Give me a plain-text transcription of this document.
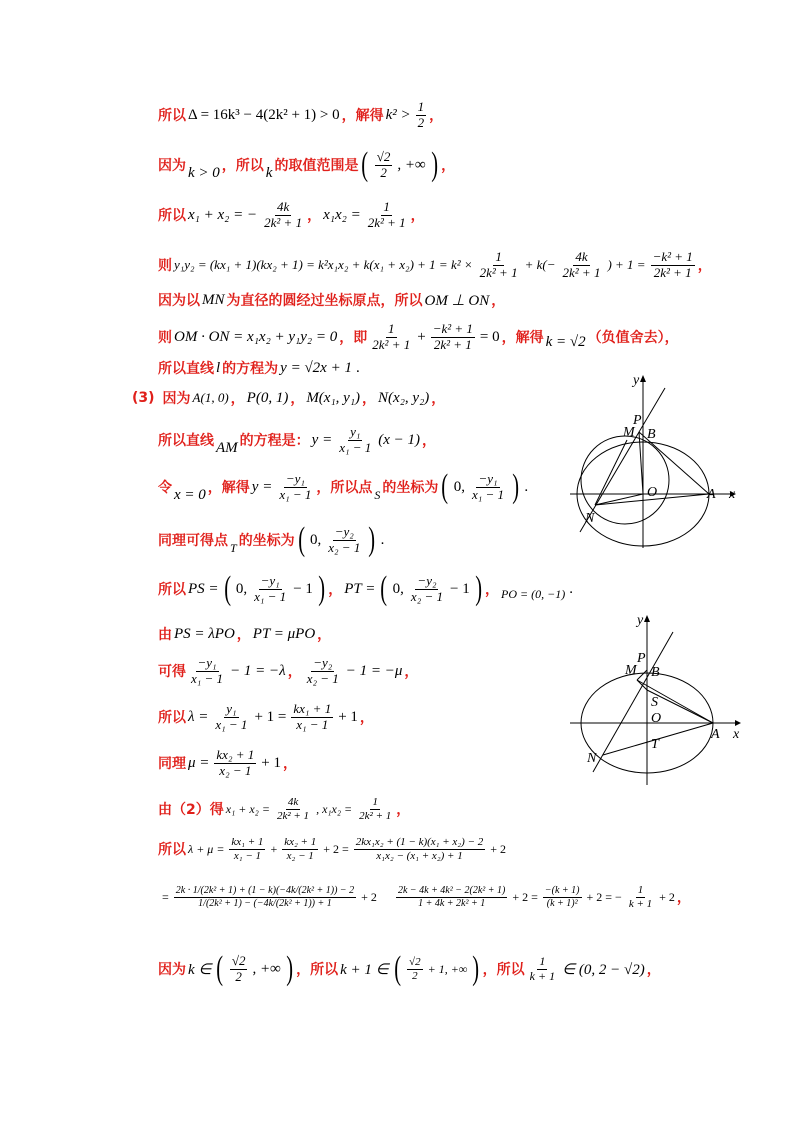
所以 Δ = 16k³ − 4(2k² + 1) > 0 ，解得 $k^2 > \frac{1}{2}$ ，
因为 k > 0 ，所以 k 的取值范围是 ( $\frac{√2}{2}$ , +∞ ) ，
所以 x₁ + x₂ = − $\frac{4k}{\text{2k² + 1}}$ ， $x_1x_2 = \frac{1}{\text{2k² + 1}}$ ，
则 $y_1y_2 = (kx_1 + 1)(kx_2 + 1) = k^2x_1x_2 + k(x_1 + x_2) + 1 = k^2 \times \frac{1}{\text{2k² + 1}} + k(- \frac{4k}{\text{2k² + 1}}$ ) + $1 = \frac{\text{−k² + 1}}{\text{2k² + 1}}$ ，
因为以 MN 为直径的圆经过坐标原点，所以 OM ⊥ ON ，
则 OM · ON = x₁x₂ + y₁y₂ = 0 ，即 $\frac{1}{\text{2k² + 1}} + \frac{\text{−k² + 1}}{\text{2k² + 1}} = 0$ ，解得 k = √2 （负值舍去），
所以直线 l 的方程为 y = √2x + 1 .
(3) 因为 A(1, 0) ， P(0, 1) ， M(x₁, y₁) ， N(x₂, y₂) ，
所以直线 AM 的方程是： $y = \frac{\text{y₁}}{\text{x₁ − 1}} (x - 1)$ ，
令 x = 0 ，解得 $y = \frac{\text{−y₁}}{\text{x₁ − 1}}$ ，所以点 S 的坐标为 ( 0, $\frac{\text{−y₁}}{\text{x₁ − 1}}$ ) .
同理可得点 T 的坐标为 ( 0, $\frac{\text{−y₂}}{\text{x₂ − 1}}$ ) .
所以 PS = ( 0, $\frac{\text{−y₁}}{\text{x₁ − 1}} - 1$ ) ， PT = ( 0, $\frac{\text{−y₂}}{\text{x₂ − 1}} - 1$ ) ， PO = (0, −1) .
由 PS = λPO ， PT = μPO ，
可得 $\frac{\text{−y₁}}{\text{x₁ − 1}} - 1 = -\lambda$ ， $\frac{\text{−y₂}}{\text{x₂ − 1}} - 1 = -\mu$ ，
所以 $\lambda = \frac{\text{y₁}}{\text{x₁ − 1}} + 1 = \frac{\text{kx₁ + 1}}{\text{x₁ − 1}} + 1$ ，
同理 $\mu = \frac{\text{kx₂ + 1}}{\text{x₂ − 1}} + 1$ ，
由（2）得 $x_1 + x_2 = \frac{4k}{\text{2k² + 1}}$ , $x_1x_2 = \frac{1}{\text{2k² + 1}}$ ，
所以 $\lambda + \mu = \frac{\text{kx₁ + 1}}{\text{x₁ − 1}} + \frac{\text{kx₂ + 1}}{\text{x₂ − 1}} + 2 = \frac{\text{2kx₁x₂ + (1 − k)(x₁ + x₂) − 2}}{\text{x₁x₂ − (x₁ + x₂) + 1}} + 2$
= $\frac{\text{2k · 1/(2k² + 1) + (1 − k)(−4k/(2k² + 1)) − 2}}{\text{1/(2k² + 1) − (−4k/(2k² + 1)) + 1}} + 2 \frac{\text{2k − 4k + 4k² − 2(2k² + 1)}}{\text{1 + 4k + 2k² + 1}} + 2 = \frac{-(k + 1)}{\text{(k + 1)²}} + 2$ = − $\frac{1}{k + 1} + 2$ ，
因为 k ∈ ( $\frac{√2}{2}$ , +∞ ) ，所以 k + 1 ∈ ( $\frac{√2}{2} + 1$, +∞ ) ，所以 $\frac{1}{k + 1}$ ∈ (0, 2 − √2) ，
y
P
M B
O	A x
N
y
P
M B
S
O
T
A x
N
